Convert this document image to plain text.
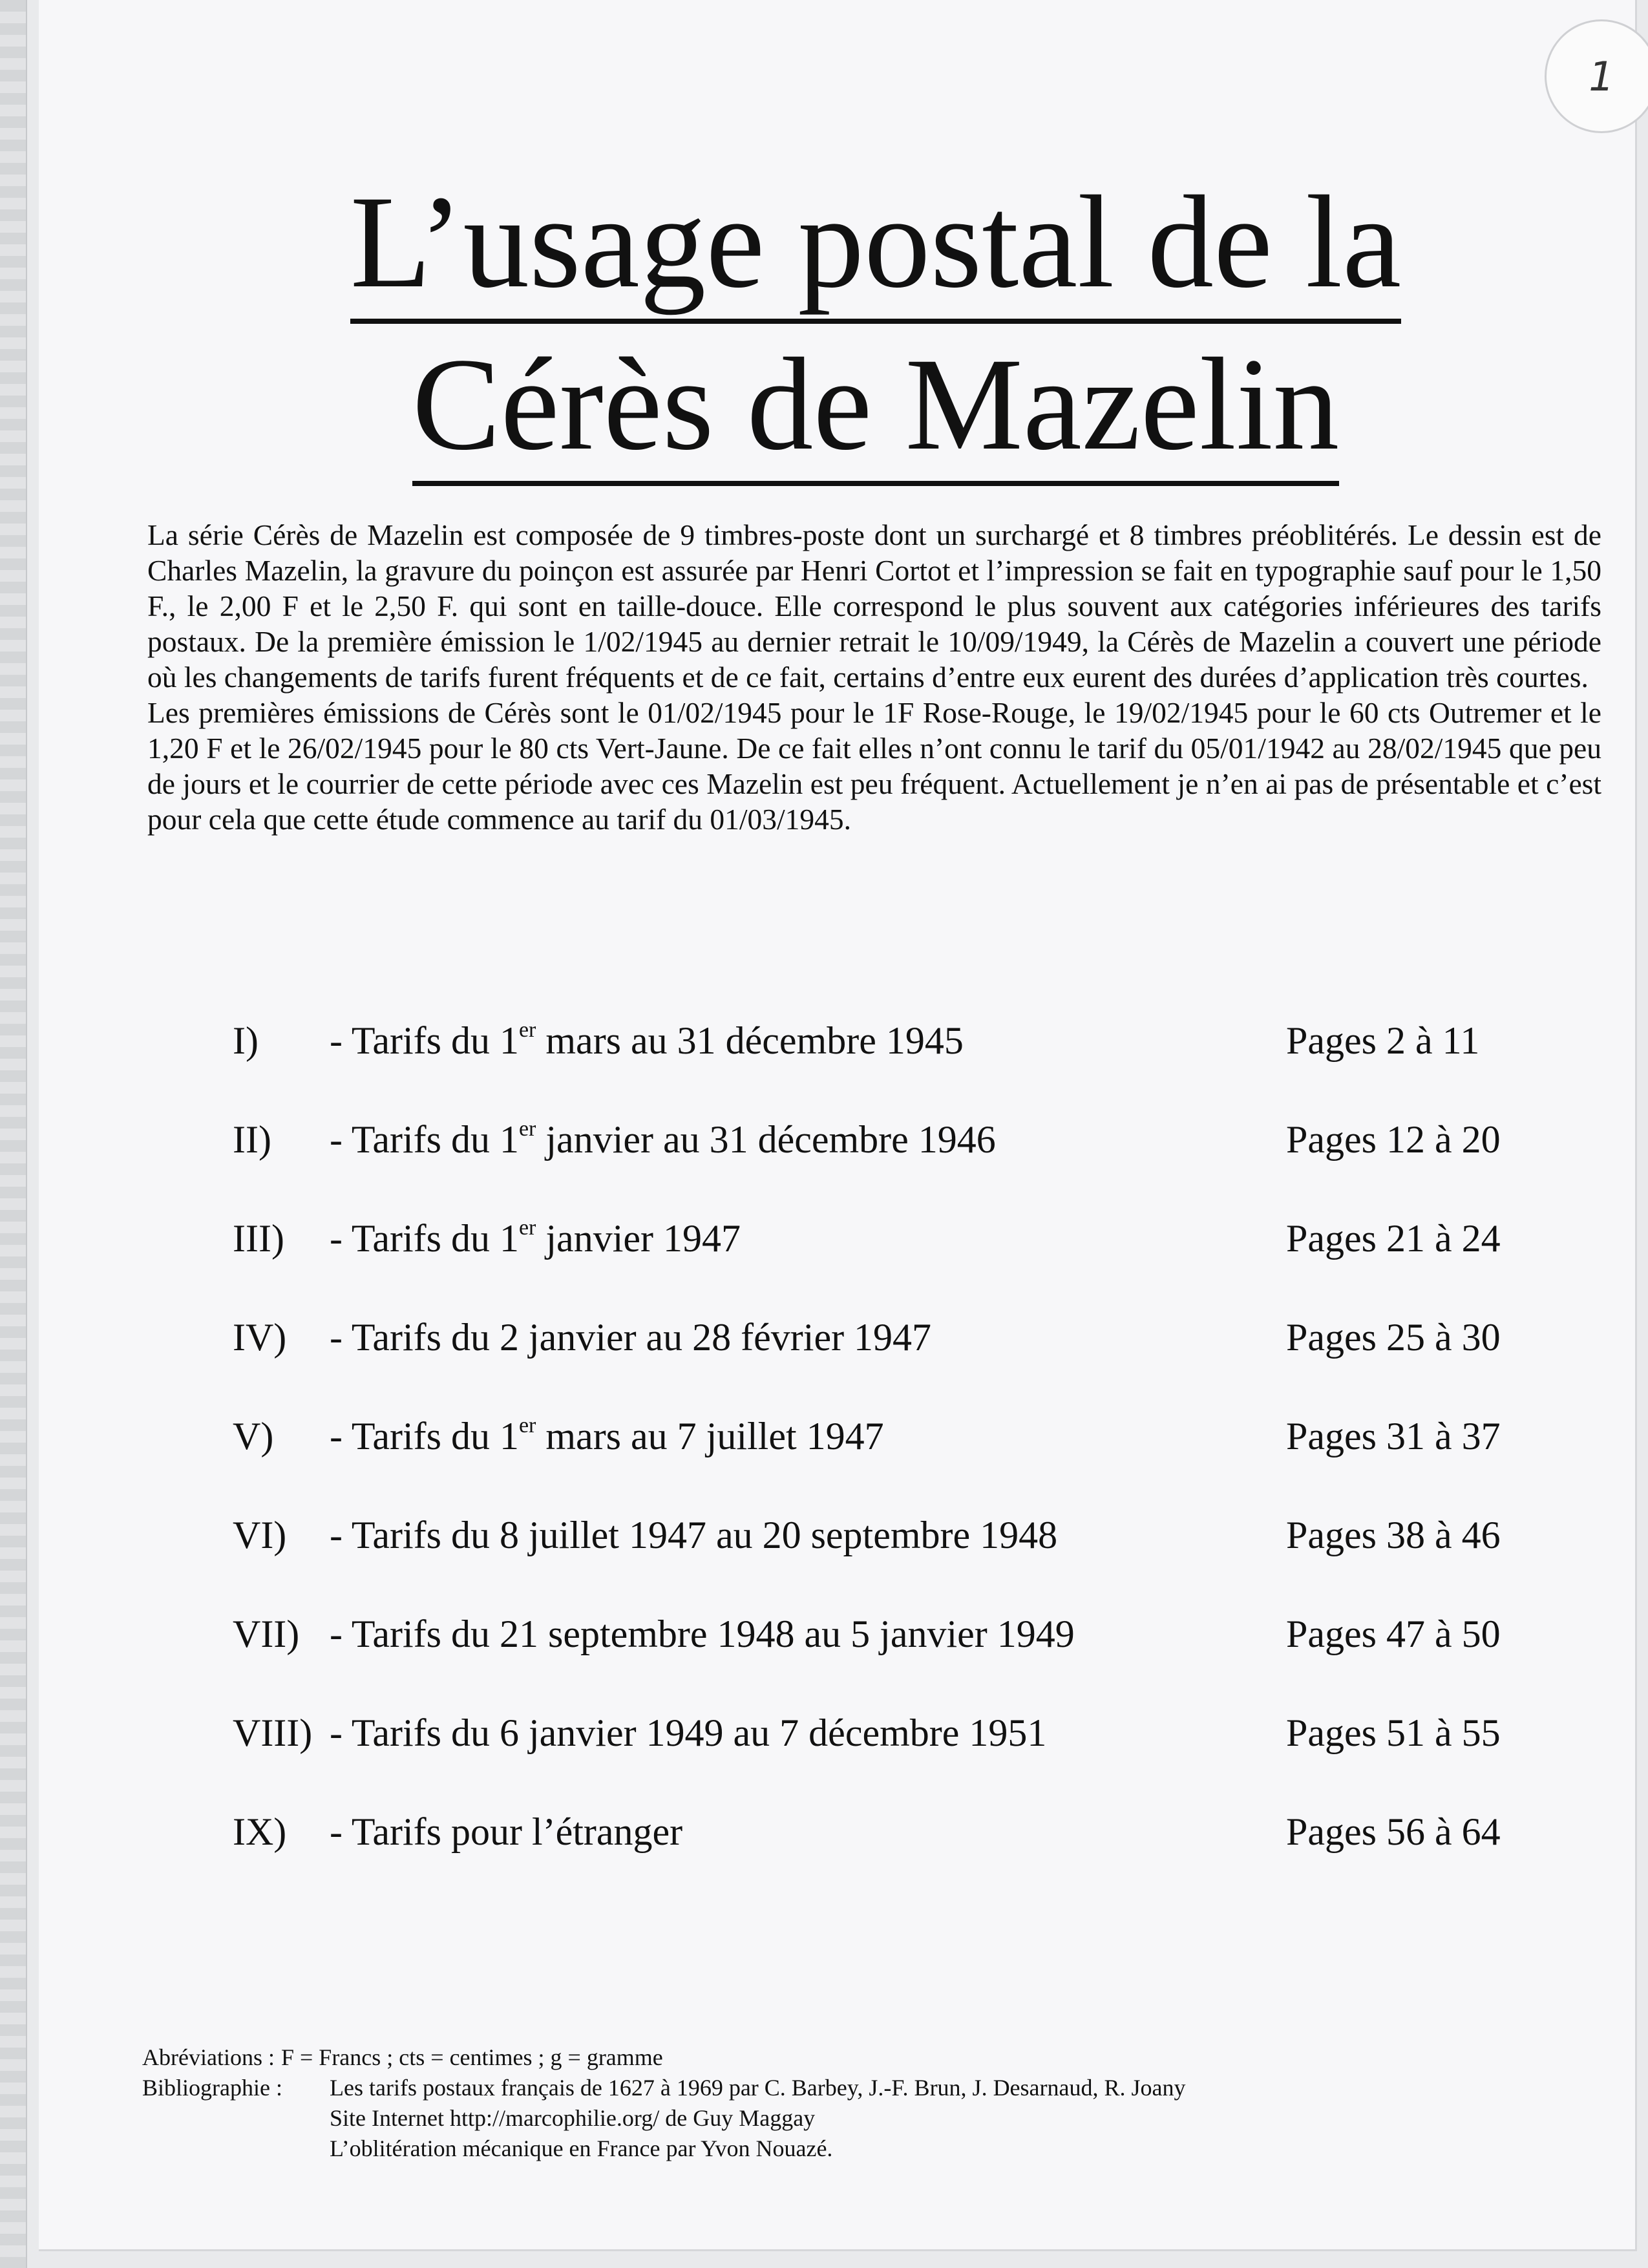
1
L’usage postal de la
Cérès de Mazelin

La série Cérès de Mazelin est composée de 9 timbres-poste dont un surchargé et 8 timbres préoblitérés. Le dessin est de Charles Mazelin, la gravure du poinçon est assurée par Henri Cortot et l’impression se fait en typographie sauf pour le 1,50 F., le 2,00 F et le 2,50 F. qui sont en taille-douce. Elle correspond le plus souvent aux catégories inférieures des tarifs postaux. De la première émission le 1/02/1945 au dernier retrait le 10/09/1949, la Cérès de Mazelin a couvert une période où les changements de tarifs furent fréquents et de ce fait, certains d’entre eux eurent des durées d’application très courtes.

Les premières émissions de Cérès sont le 01/02/1945 pour le 1F Rose-Rouge, le 19/02/1945 pour le 60 cts Outremer et le 1,20 F et le 26/02/1945 pour le 80 cts Vert-Jaune. De ce fait elles n’ont connu le tarif du 05/01/1942 au 28/02/1945 que peu de jours et le courrier de cette période avec ces Mazelin est peu fréquent. Actuellement je n’en ai pas de présentable et c’est pour cela que cette étude commence au tarif du 01/03/1945.

I) - Tarifs du 1er mars au 31 décembre 1945	Pages 2 à 11
II) - Tarifs du 1er janvier au 31 décembre 1946	Pages 12 à 20
III) - Tarifs du 1er janvier 1947	Pages 21 à 24
IV) - Tarifs du 2 janvier au 28 février 1947	Pages 25 à 30
V) - Tarifs du 1er mars au 7 juillet 1947	Pages 31 à 37
VI) - Tarifs du 8 juillet 1947 au 20 septembre 1948	Pages 38 à 46
VII) - Tarifs du 21 septembre 1948 au 5 janvier 1949	Pages 47 à 50
VIII) - Tarifs du 6 janvier 1949 au 7 décembre 1951	Pages 51 à 55
IX) - Tarifs pour l’étranger	Pages 56 à 64
Abréviations : F = Francs ; cts = centimes ; g = gramme
Bibliographie :	Les tarifs postaux français de 1627 à 1969 par C. Barbey, J.-F. Brun, J. Desarnaud, R. Joany
Site Internet http://marcophilie.org/ de Guy Maggay
L’oblitération mécanique en France par Yvon Nouazé.
